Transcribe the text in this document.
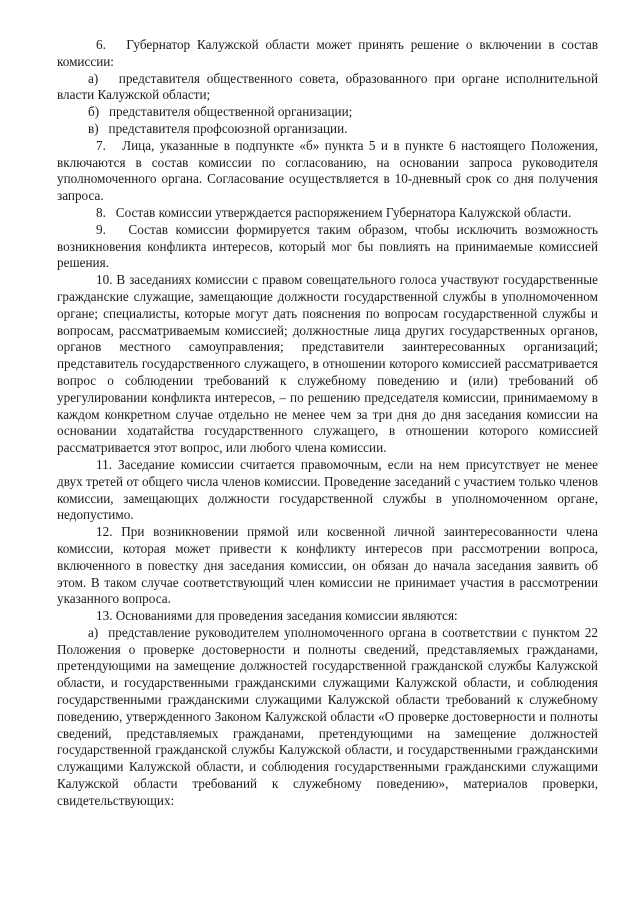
6.   Губернатор Калужской области может принять решение о включении в состав комиссии:

а)   представителя общественного совета, образованного при органе исполнительной власти Калужской области;

б)   представителя общественной организации;

в)   представителя профсоюзной организации.

7.   Лица, указанные в подпункте «б» пункта 5 и в пункте 6 настоящего Положения, включаются в состав комиссии по согласованию, на основании запроса руководителя уполномоченного органа. Согласование осуществляется в 10-дневный срок со дня получения запроса.

8.   Состав комиссии утверждается распоряжением Губернатора Калужской области.

9.   Состав комиссии формируется таким образом, чтобы исключить возможность возникновения конфликта интересов, который мог бы повлиять на принимаемые комиссией решения.

10. В заседаниях комиссии с правом совещательного голоса участвуют государственные гражданские служащие, замещающие должности государственной службы в уполномоченном органе; специалисты, которые могут дать пояснения по вопросам государственной службы и вопросам, рассматриваемым комиссией; должностные лица других государственных органов, органов местного самоуправления; представители заинтересованных организаций; представитель государственного служащего, в отношении которого комиссией рассматривается вопрос о соблюдении требований к служебному поведению и (или) требований об урегулировании конфликта интересов, – по решению председателя комиссии, принимаемому в каждом конкретном случае отдельно не менее чем за три дня до дня заседания комиссии на основании ходатайства государственного служащего, в отношении которого комиссией рассматривается этот вопрос, или любого члена комиссии.

11. Заседание комиссии считается правомочным, если на нем присутствует не менее двух третей от общего числа членов комиссии. Проведение заседаний с участием только членов комиссии, замещающих должности государственной службы в уполномоченном органе, недопустимо.

12. При возникновении прямой или косвенной личной заинтересованности члена комиссии, которая может привести к конфликту интересов при рассмотрении вопроса, включенного в повестку дня заседания комиссии, он обязан до начала заседания заявить об этом. В таком случае соответствующий член комиссии не принимает участия в рассмотрении указанного вопроса.

13. Основаниями для проведения заседания комиссии являются:

а)  представление руководителем уполномоченного органа в соответствии с пунктом 22 Положения о проверке достоверности и полноты сведений, представляемых гражданами, претендующими на замещение должностей государственной гражданской службы Калужской области, и государственными гражданскими служащими Калужской области, и соблюдения государственными гражданскими служащими Калужской области требований к служебному поведению, утвержденного Законом Калужской области «О проверке достоверности и полноты сведений, представляемых гражданами, претендующими на замещение должностей государственной гражданской службы Калужской области, и государственными гражданскими служащими Калужской области, и соблюдения государственными гражданскими служащими Калужской области требований к служебному поведению», материалов проверки, свидетельствующих:
